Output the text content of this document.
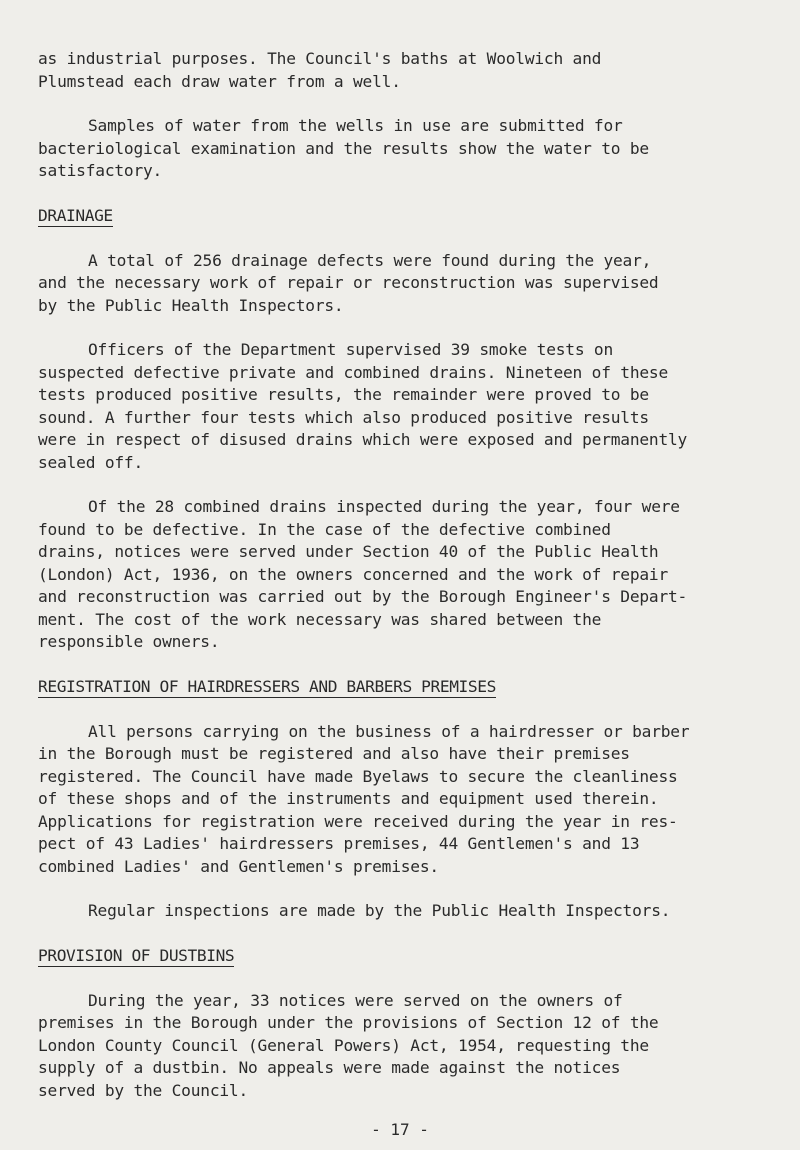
as industrial purposes. The Council's baths at Woolwich and
Plumstead each draw water from a well.

Samples of water from the wells in use are submitted for
bacteriological examination and the results show the water to be
satisfactory.

DRAINAGE

A total of 256 drainage defects were found during the year,
and the necessary work of repair or reconstruction was supervised
by the Public Health Inspectors.

Officers of the Department supervised 39 smoke tests on
suspected defective private and combined drains. Nineteen of these
tests produced positive results, the remainder were proved to be
sound. A further four tests which also produced positive results
were in respect of disused drains which were exposed and permanently
sealed off.

Of the 28 combined drains inspected during the year, four were
found to be defective. In the case of the defective combined
drains, notices were served under Section 40 of the Public Health
(London) Act, 1936, on the owners concerned and the work of repair
and reconstruction was carried out by the Borough Engineer's Depart-
ment. The cost of the work necessary was shared between the
responsible owners.

REGISTRATION OF HAIRDRESSERS AND BARBERS PREMISES

All persons carrying on the business of a hairdresser or barber
in the Borough must be registered and also have their premises
registered. The Council have made Byelaws to secure the cleanliness
of these shops and of the instruments and equipment used therein.
Applications for registration were received during the year in res-
pect of 43 Ladies' hairdressers premises, 44 Gentlemen's and 13
combined Ladies' and Gentlemen's premises.

Regular inspections are made by the Public Health Inspectors.

PROVISION OF DUSTBINS

During the year, 33 notices were served on the owners of
premises in the Borough under the provisions of Section 12 of the
London County Council (General Powers) Act, 1954, requesting the
supply of a dustbin. No appeals were made against the notices
served by the Council.

- 17 -
